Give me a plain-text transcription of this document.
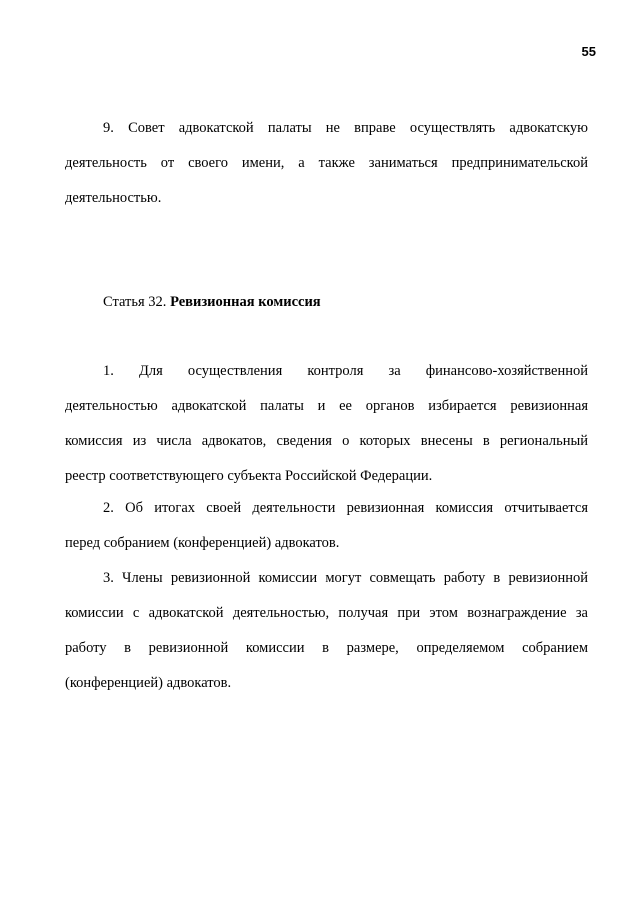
55
9. Совет адвокатской палаты не вправе осуществлять адвокатскую
деятельность от своего имени, а также заниматься предпринимательской
деятельностью.
Статья 32. Ревизионная комиссия
1. Для осуществления контроля за финансово-хозяйственной
деятельностью адвокатской палаты и ее органов избирается ревизионная
комиссия из числа адвокатов, сведения о которых внесены в региональный
реестр соответствующего субъекта Российской Федерации.
2. Об итогах своей деятельности ревизионная комиссия отчитывается
перед собранием (конференцией) адвокатов.
3. Члены ревизионной комиссии могут совмещать работу в ревизионной
комиссии с адвокатской деятельностью, получая при этом вознаграждение за
работу в ревизионной комиссии в размере, определяемом собранием
(конференцией) адвокатов.
